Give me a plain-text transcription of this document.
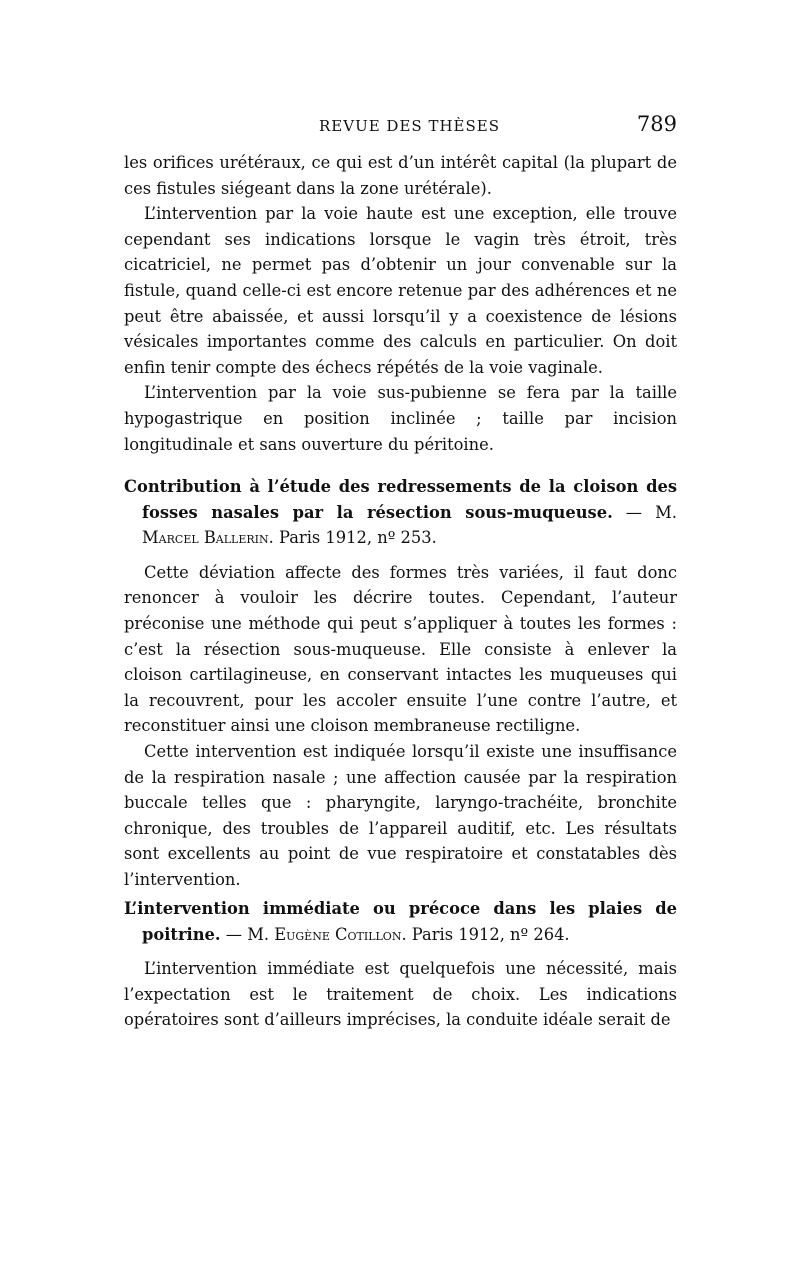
REVUE DES THÈSES	789

les orifices urétéraux, ce qui est d’un intérêt capital (la plupart de ces fistules siégeant dans la zone urétérale).

L’intervention par la voie haute est une exception, elle trouve cependant ses indications lorsque le vagin très étroit, très cicatriciel, ne permet pas d’obtenir un jour convenable sur la fistule, quand celle-ci est encore retenue par des adhérences et ne peut être abaissée, et aussi lorsqu’il y a coexistence de lésions vésicales importantes comme des calculs en particulier. On doit enfin tenir compte des échecs répétés de la voie vaginale.

L’intervention par la voie sus-pubienne se fera par la taille hypogastrique en position inclinée ; taille par incision longitudinale et sans ouverture du péritoine.

Contribution à l’étude des redressements de la cloison des fosses nasales par la résection sous-muqueuse. — M. Marcel Ballerin. Paris 1912, nº 253.

Cette déviation affecte des formes très variées, il faut donc renoncer à vouloir les décrire toutes. Cependant, l’auteur préconise une méthode qui peut s’appliquer à toutes les formes : c’est la résection sous-muqueuse. Elle consiste à enlever la cloison cartilagineuse, en conservant intactes les muqueuses qui la recouvrent, pour les accoler ensuite l’une contre l’autre, et reconstituer ainsi une cloison membraneuse rectiligne.

Cette intervention est indiquée lorsqu’il existe une insuffisance de la respiration nasale ; une affection causée par la respiration buccale telles que : pharyngite, laryngo-trachéite, bronchite chronique, des troubles de l’appareil auditif, etc. Les résultats sont excellents au point de vue respiratoire et constatables dès l’intervention.

L’intervention immédiate ou précoce dans les plaies de poitrine. — M. Eugène Cotillon. Paris 1912, nº 264.

L’intervention immédiate est quelquefois une nécessité, mais l’expectation est le traitement de choix. Les indications opératoires sont d’ailleurs imprécises, la conduite idéale serait de
